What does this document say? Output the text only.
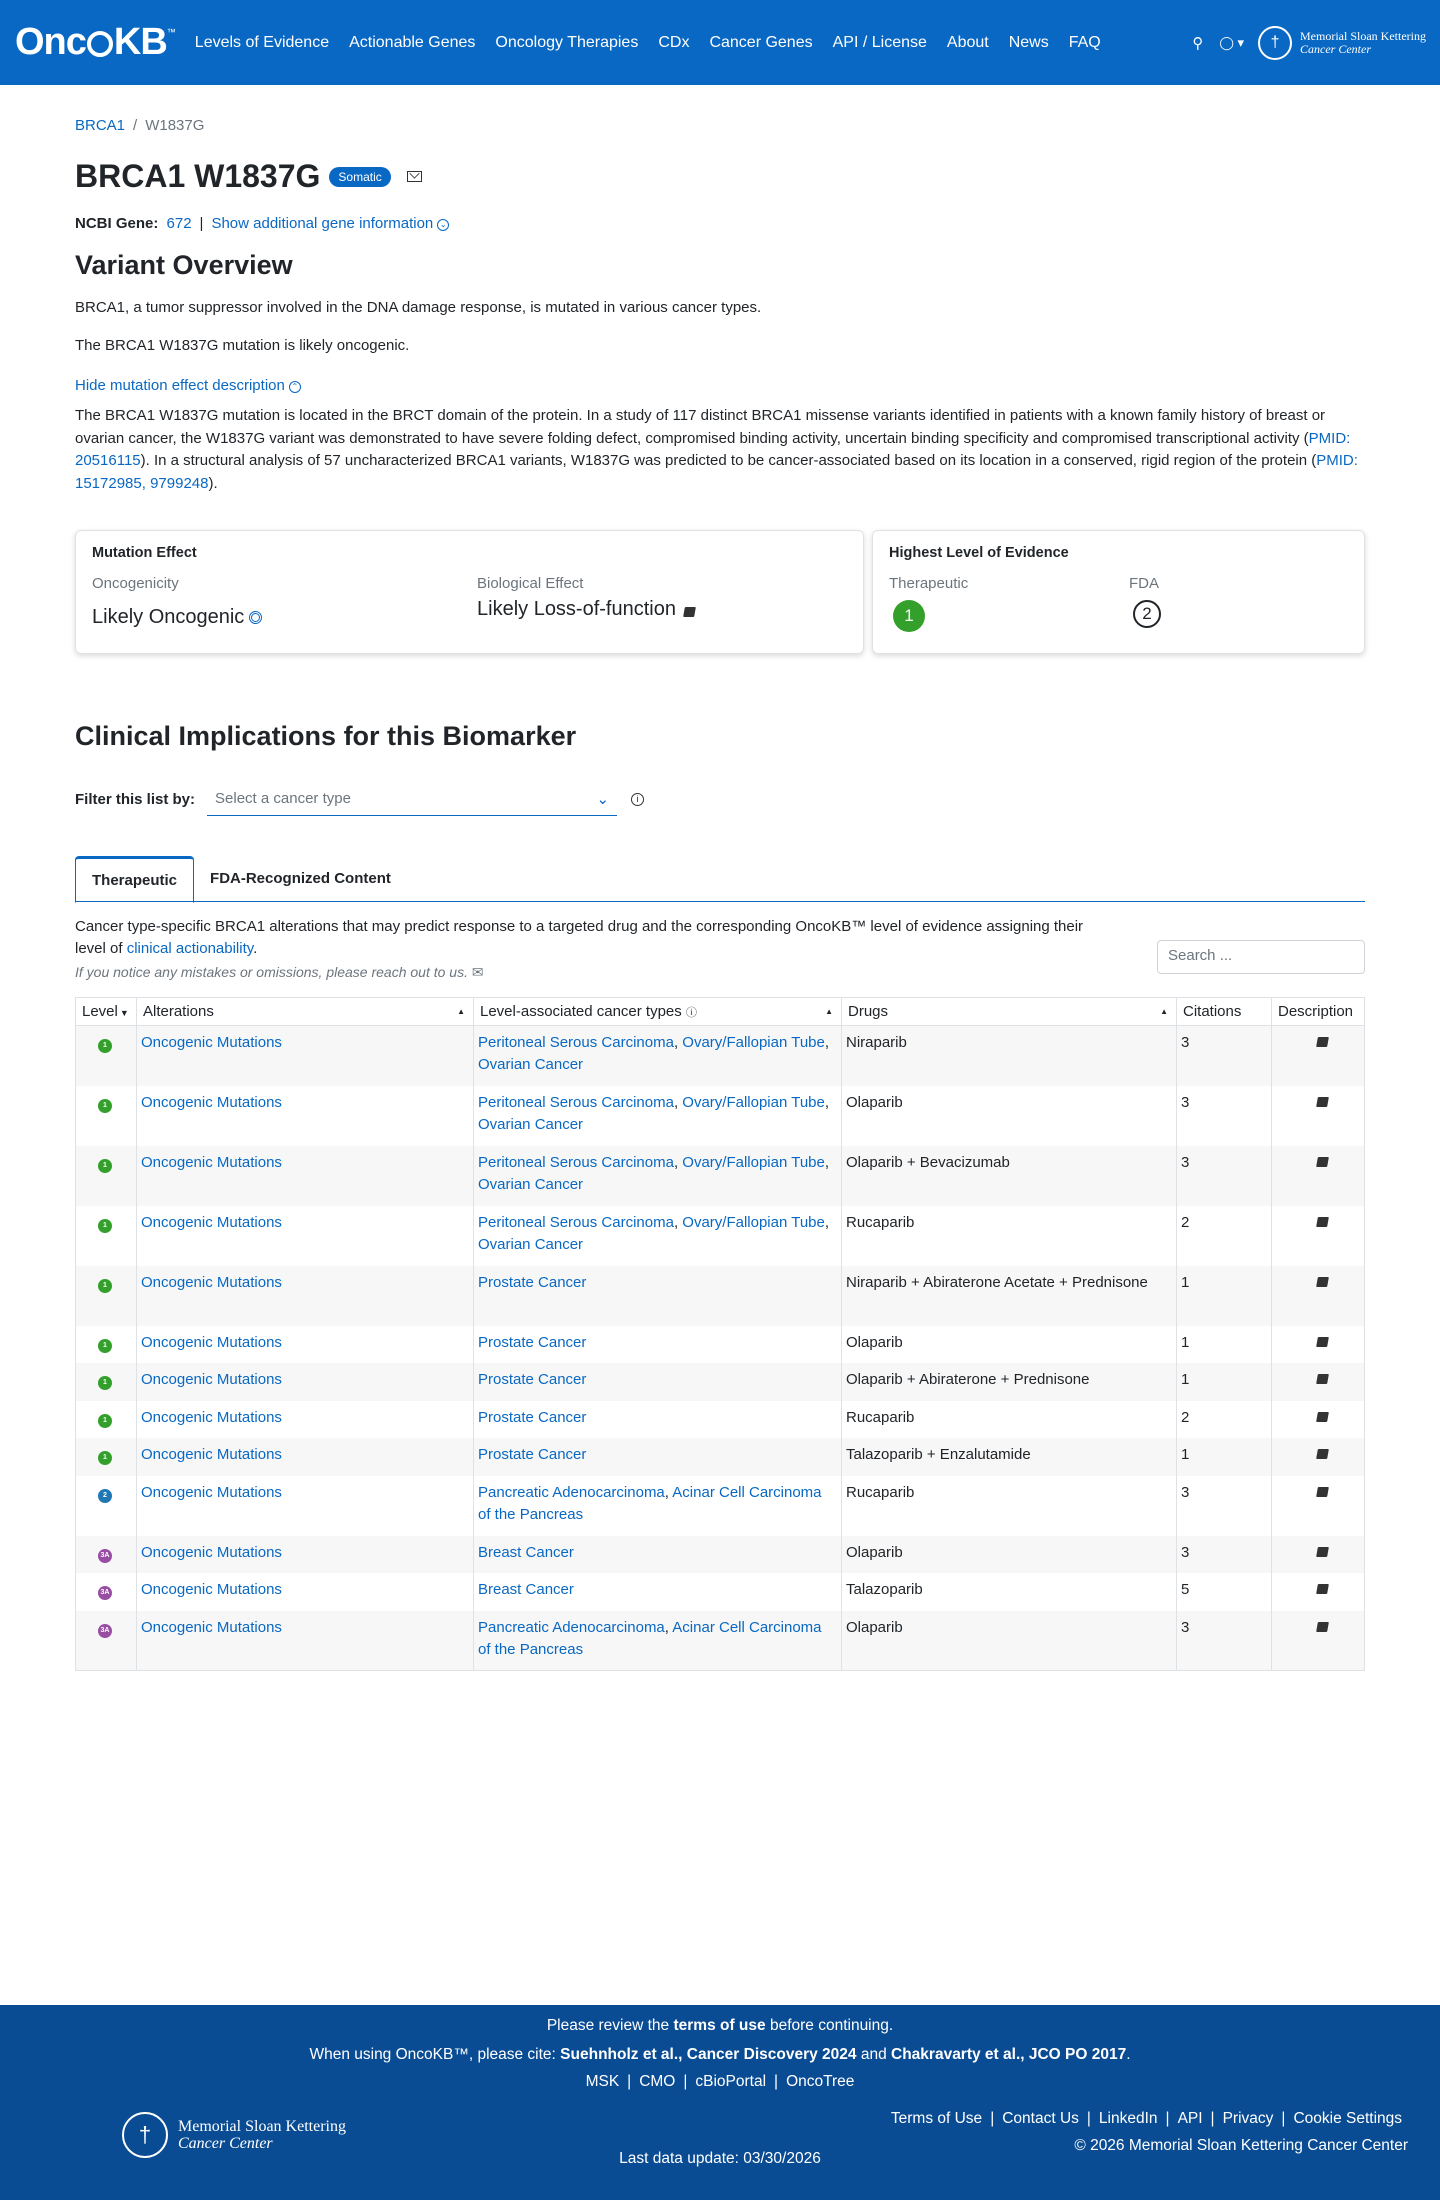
Onc KB™
Levels of Evidence	Actionable Genes	Oncology Therapies	CDx	Cancer Genes	API / License	About	News	FAQ	⚲ ◯ ▾	†	Memorial Sloan Kettering
Cancer Center
BRCA1 / W1837G
BRCA1 W1837G	Somatic
NCBI Gene: 672 | Show additional gene information ⌄
Variant Overview
BRCA1, a tumor suppressor involved in the DNA damage response, is mutated in various cancer types.
The BRCA1 W1837G mutation is likely oncogenic.
Hide mutation effect description ⌃
The BRCA1 W1837G mutation is located in the BRCT domain of the protein. In a study of 117 distinct BRCA1 missense variants identified in patients with a known family history of breast or ovarian cancer, the W1837G variant was demonstrated to have severe folding defect, compromised binding activity, uncertain binding specificity and compromised transcriptional activity (PMID: 20516115). In a structural analysis of 57 uncharacterized BRCA1 variants, W1837G was predicted to be cancer-associated based on its location in a conserved, rigid region of the protein (PMID: 15172985, 9799248).
Mutation Effect
Oncogenicity
Likely Oncogenic
Biological Effect
Likely Loss-of-function
Highest Level of Evidence
Therapeutic
1
FDA
2
Clinical Implications for this Biomarker
Filter this list by: Select a cancer type	⌄	i
Therapeutic	FDA-Recognized Content
Cancer type-specific BRCA1 alterations that may predict response to a targeted drug and the corresponding OncoKB™ level of evidence assigning their level of clinical actionability.
If you notice any mistakes or omissions, please reach out to us. ✉
Search ...
Level ▼	Alterations ▲	Level-associated cancer types ⓘ ▲	Drugs ▲	Citations	Description
1	Oncogenic Mutations	Peritoneal Serous Carcinoma, Ovary/Fallopian Tube, Ovarian Cancer	Niraparib	3	
1	Oncogenic Mutations	Peritoneal Serous Carcinoma, Ovary/Fallopian Tube, Ovarian Cancer	Olaparib	3	
1	Oncogenic Mutations	Peritoneal Serous Carcinoma, Ovary/Fallopian Tube, Ovarian Cancer	Olaparib + Bevacizumab	3	
1	Oncogenic Mutations	Peritoneal Serous Carcinoma, Ovary/Fallopian Tube, Ovarian Cancer	Rucaparib	2	
1	Oncogenic Mutations	Prostate Cancer	Niraparib + Abiraterone Acetate + Prednisone	1	
1	Oncogenic Mutations	Prostate Cancer	Olaparib	1	
1	Oncogenic Mutations	Prostate Cancer	Olaparib + Abiraterone + Prednisone	1	
1	Oncogenic Mutations	Prostate Cancer	Rucaparib	2	
1	Oncogenic Mutations	Prostate Cancer	Talazoparib + Enzalutamide	1	
2	Oncogenic Mutations	Pancreatic Adenocarcinoma, Acinar Cell Carcinoma of the Pancreas	Rucaparib	3	
3A	Oncogenic Mutations	Breast Cancer	Olaparib	3	
3A	Oncogenic Mutations	Breast Cancer	Talazoparib	5	
3A	Oncogenic Mutations	Pancreatic Adenocarcinoma, Acinar Cell Carcinoma of the Pancreas	Olaparib	3	
Please review the terms of use before continuing.
When using OncoKB™, please cite: Suehnholz et al., Cancer Discovery 2024 and Chakravarty et al., JCO PO 2017.
MSK | CMO | cBioPortal | OncoTree
†	Memorial Sloan Kettering
Cancer Center
Last data update: 03/30/2026
Terms of Use | Contact Us | LinkedIn | API | Privacy | Cookie Settings
© 2026 Memorial Sloan Kettering Cancer Center
